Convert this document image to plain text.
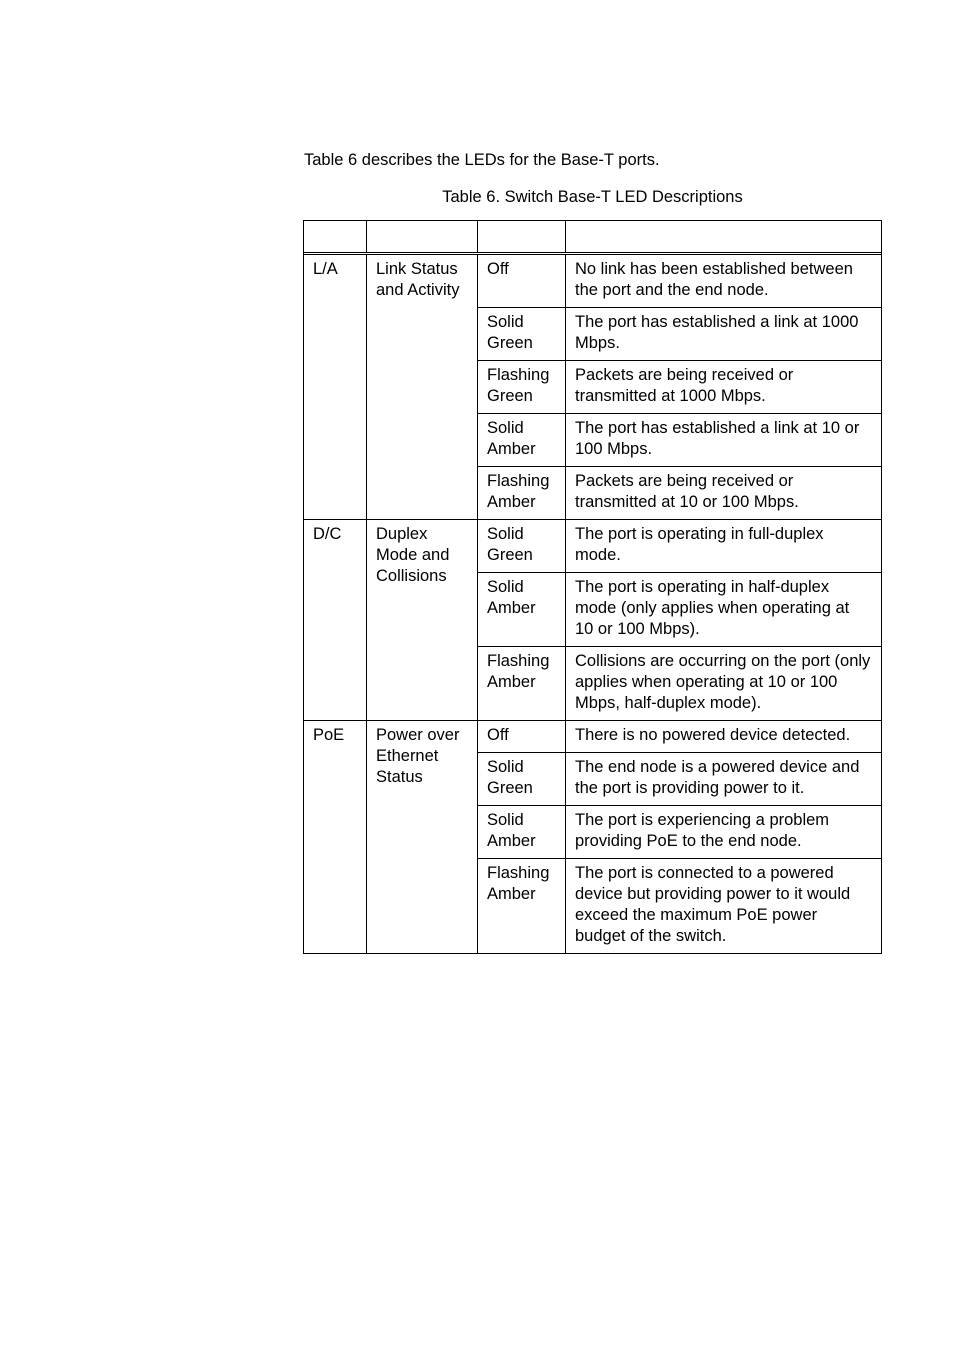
Table 6 describes the LEDs for the Base-T ports.

Table 6. Switch Base-T LED Descriptions

L/A	Link Status and Activity	Off	No link has been established between the port and the end node.
		Solid Green	The port has established a link at 1000 Mbps.
		Flashing Green	Packets are being received or transmitted at 1000 Mbps.
		Solid Amber	The port has established a link at 10 or 100 Mbps.
		Flashing Amber	Packets are being received or transmitted at 10 or 100 Mbps.
D/C	Duplex Mode and Collisions	Solid Green	The port is operating in full-duplex mode.
		Solid Amber	The port is operating in half-duplex mode (only applies when operating at 10 or 100 Mbps).
		Flashing Amber	Collisions are occurring on the port (only applies when operating at 10 or 100 Mbps, half-duplex mode).
PoE	Power over Ethernet Status	Off	There is no powered device detected.
		Solid Green	The end node is a powered device and the port is providing power to it.
		Solid Amber	The port is experiencing a problem providing PoE to the end node.
		Flashing Amber	The port is connected to a powered device but providing power to it would exceed the maximum PoE power budget of the switch.
